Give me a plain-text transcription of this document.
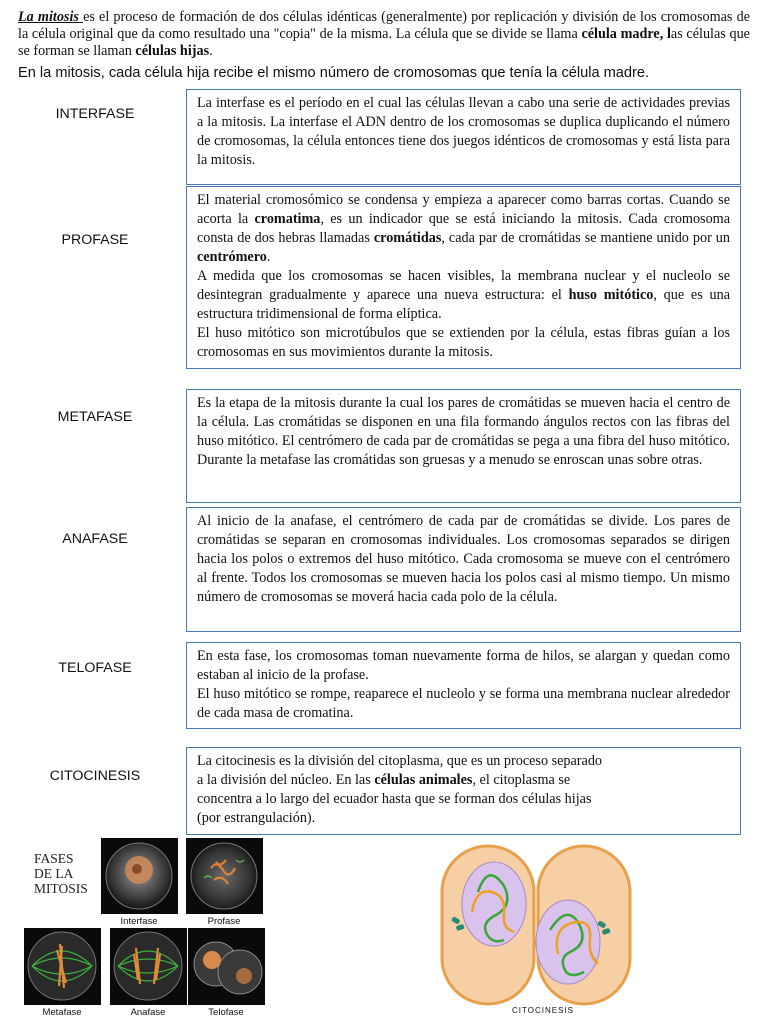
La mitosis es el proceso de formación de dos células idénticas (generalmente) por replicación y división de los cromosomas de la célula original que da como resultado una "copia" de la misma. La célula que se divide se llama célula madre, las células que se forman se llaman células hijas.
En la mitosis, cada célula hija recibe el mismo número de cromosomas que tenía la célula madre.
INTERFASE

La interfase es el período en el cual las células llevan a cabo una serie de actividades previas a la mitosis. La interfase el ADN dentro de los cromosomas se duplica duplicando el número de cromosomas, la célula entonces tiene dos juegos idénticos de cromosomas y está lista para la mitosis.

PROFASE

El material cromosómico se condensa y empieza a aparecer como barras cortas. Cuando se acorta la cromatima, es un indicador que se está iniciando la mitosis. Cada cromosoma consta de dos hebras llamadas cromátidas, cada par de cromátidas se mantiene unido por un centrómero.

A medida que los cromosomas se hacen visibles, la membrana nuclear y el nucleolo se desintegran gradualmente y aparece una nueva estructura: el huso mitótico, que es una estructura tridimensional de forma elíptica.

El huso mitótico son microtúbulos que se extienden por la célula, estas fibras guían a los cromosomas en sus movimientos durante la mitosis.

METAFASE

Es la etapa de la mitosis durante la cual los pares de cromátidas se mueven hacia el centro de la célula. Las cromátidas se disponen en una fila formando ángulos rectos con las fibras del huso mitótico. El centrómero de cada par de cromátidas se pega a una fibra del huso mitótico. Durante la metafase las cromátidas son gruesas y a menudo se enroscan unas sobre otras.

ANAFASE

Al inicio de la anafase, el centrómero de cada par de cromátidas se divide. Los pares de cromátidas se separan en cromosomas individuales. Los cromosomas separados se dirigen hacia los polos o extremos del huso mitótico. Cada cromosoma se mueve con el centrómero al frente. Todos los cromosomas se mueven hacia los polos casi al mismo tiempo. Un mismo número de cromosomas se moverá hacia cada polo de la célula.

TELOFASE

En esta fase, los cromosomas toman nuevamente forma de hilos, se alargan y quedan como estaban al inicio de la profase.

El huso mitótico se rompe, reaparece el nucleolo y se forma una membrana nuclear alrededor de cada masa de cromatina.

CITOCINESIS

La citocinesis es la división del citoplasma, que es un proceso separado

a la división del núcleo. En las células animales, el citoplasma se

concentra a lo largo del ecuador hasta que se forman dos células hijas

(por estrangulación).

FASES
DE LA
MITOSIS
Interfase	Profase
Metafase	Anafase	Telofase	CITOCINESIS
